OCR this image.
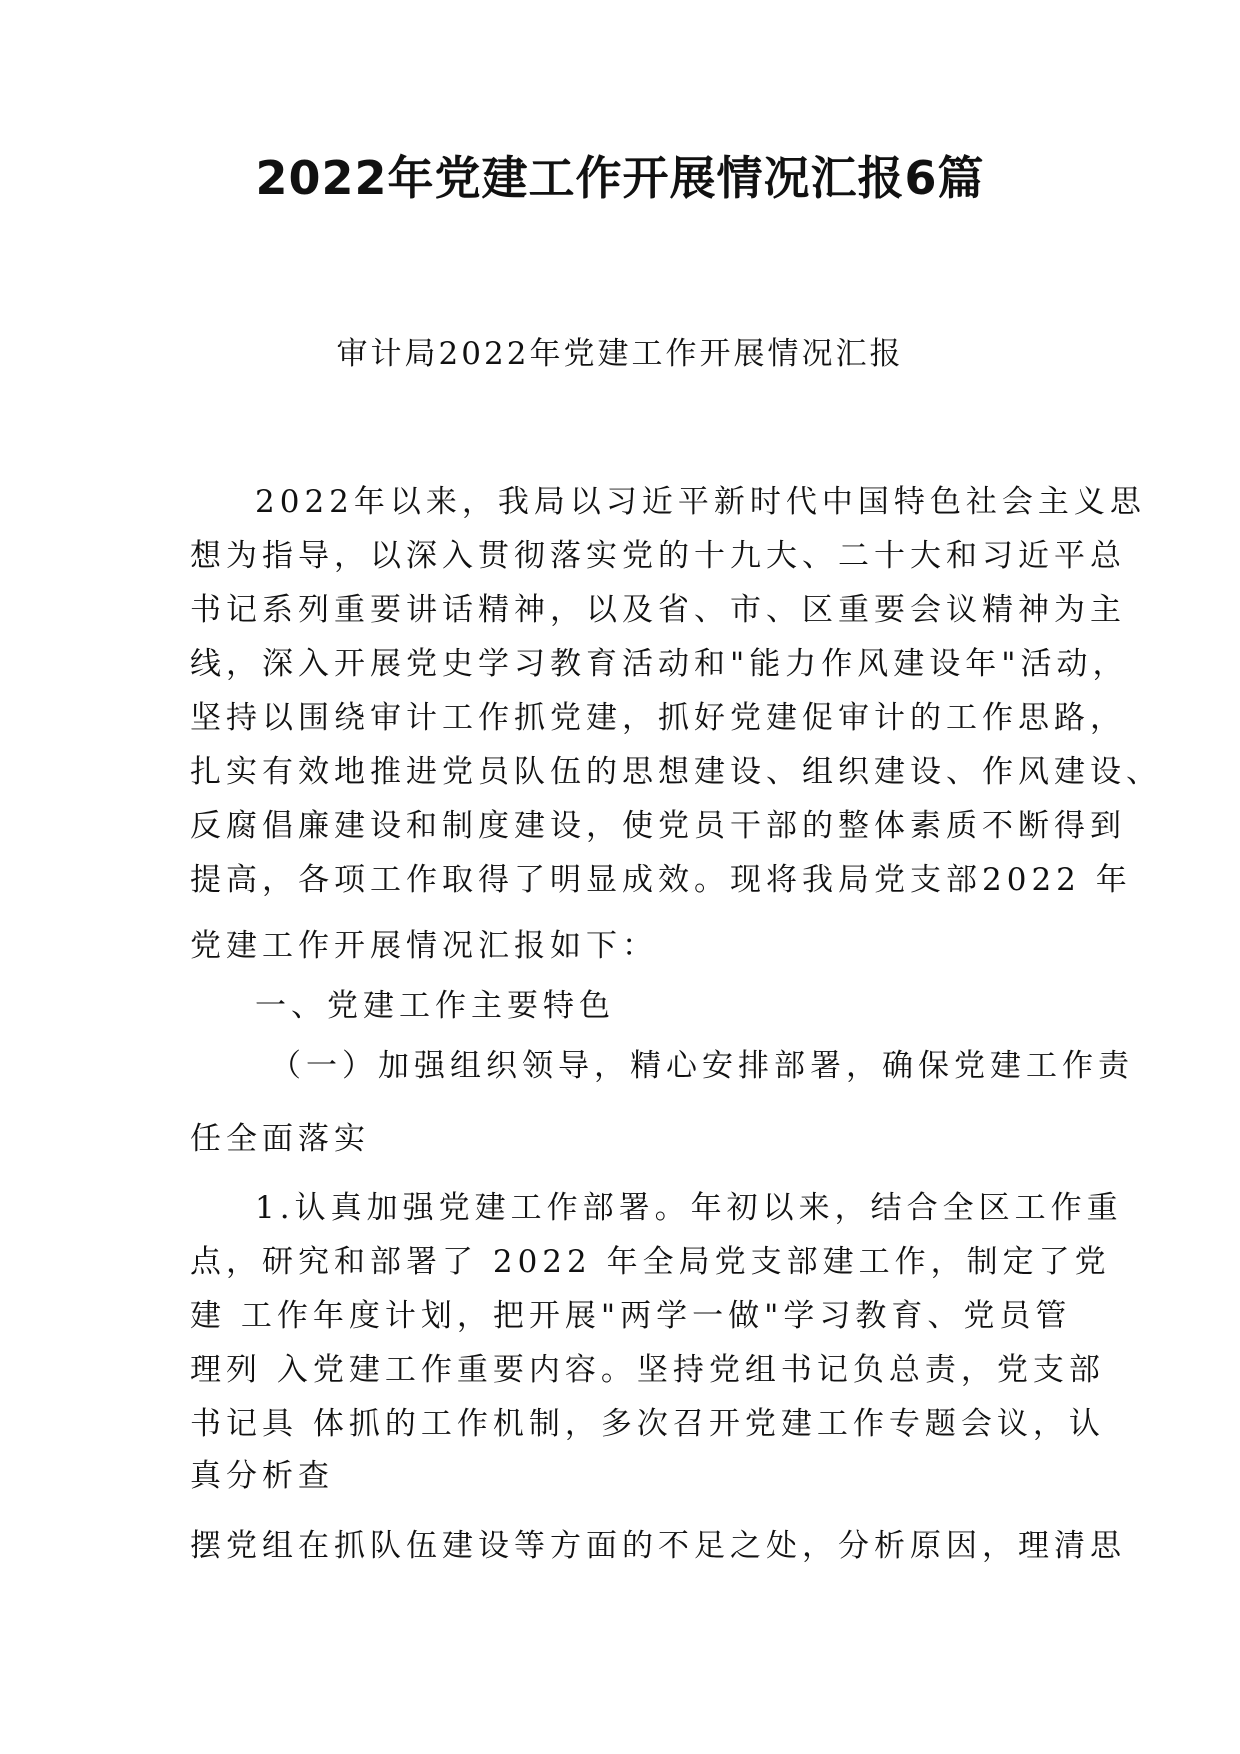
2022年党建工作开展情况汇报6篇
审计局2022年党建工作开展情况汇报
2022年以来，我局以习近平新时代中国特色社会主义思
想为指导，以深入贯彻落实党的十九大、二十大和习近平总
书记系列重要讲话精神，以及省、市、区重要会议精神为主
线，深入开展党史学习教育活动和"能力作风建设年"活动，
坚持以围绕审计工作抓党建，抓好党建促审计的工作思路，
扎实有效地推进党员队伍的思想建设、组织建设、作风建设、
反腐倡廉建设和制度建设，使党员干部的整体素质不断得到
提高，各项工作取得了明显成效。现将我局党支部2022 年
党建工作开展情况汇报如下：
一、党建工作主要特色
（一）加强组织领导，精心安排部署，确保党建工作责
任全面落实
1.认真加强党建工作部署。年初以来，结合全区工作重
点，研究和部署了 2022 年全局党支部建工作，制定了党
建 工作年度计划，把开展"两学一做"学习教育、党员管
理列 入党建工作重要内容。坚持党组书记负总责，党支部
书记具 体抓的工作机制，多次召开党建工作专题会议，认
真分析查
摆党组在抓队伍建设等方面的不足之处，分析原因，理清思
